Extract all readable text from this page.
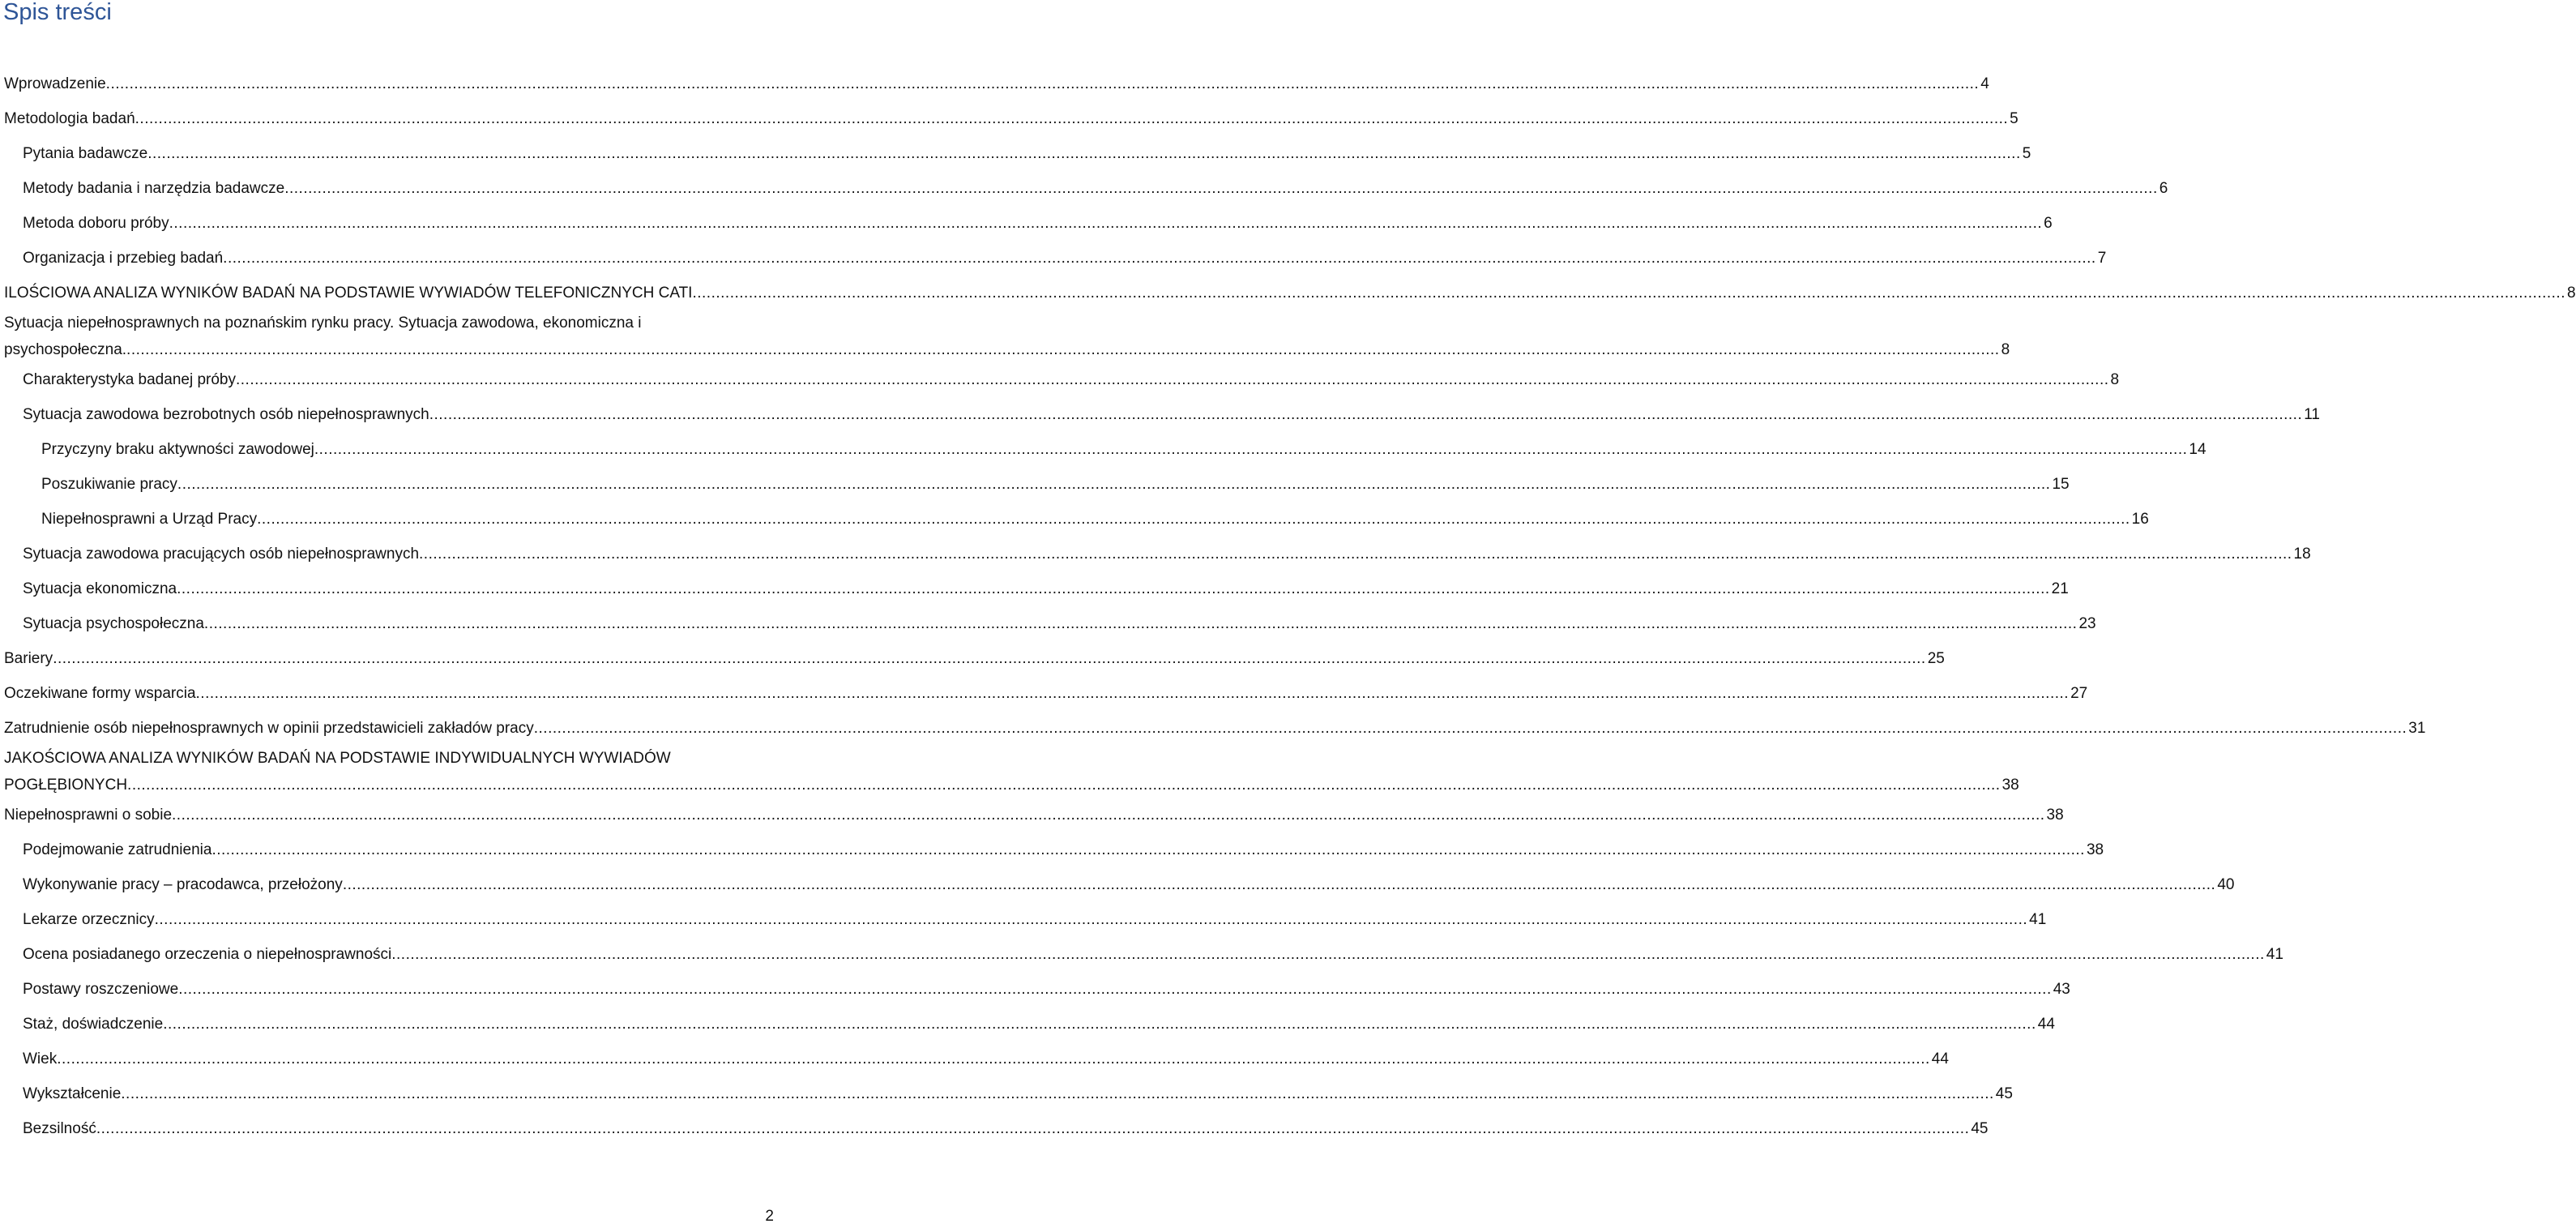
Spis treści
Wprowadzenie ................................................................................................................................................................................................................................................................................................................................................................................................................ 4
Metodologia badań ................................................................................................................................................................................................................................................................................................................................................................................................................ 5
Pytania badawcze ................................................................................................................................................................................................................................................................................................................................................................................................................ 5
Metody badania i narzędzia badawcze ................................................................................................................................................................................................................................................................................................................................................................................................................ 6
Metoda doboru próby ................................................................................................................................................................................................................................................................................................................................................................................................................ 6
Organizacja i przebieg badań ................................................................................................................................................................................................................................................................................................................................................................................................................ 7
ILOŚCIOWA ANALIZA WYNIKÓW BADAŃ NA PODSTAWIE WYWIADÓW TELEFONICZNYCH CATI ................................................................................................................................................................................................................................................................................................................................................................................................................ 8
Sytuacja niepełnosprawnych na poznańskim rynku pracy. Sytuacja zawodowa, ekonomiczna i
psychospołeczna. ................................................................................................................................................................................................................................................................................................................................................................................................................ 8
Charakterystyka badanej próby ................................................................................................................................................................................................................................................................................................................................................................................................................ 8
Sytuacja zawodowa bezrobotnych osób niepełnosprawnych ................................................................................................................................................................................................................................................................................................................................................................................................................ 11
Przyczyny braku aktywności zawodowej ................................................................................................................................................................................................................................................................................................................................................................................................................ 14
Poszukiwanie pracy ................................................................................................................................................................................................................................................................................................................................................................................................................ 15
Niepełnosprawni a Urząd Pracy ................................................................................................................................................................................................................................................................................................................................................................................................................ 16
Sytuacja zawodowa pracujących osób niepełnosprawnych ................................................................................................................................................................................................................................................................................................................................................................................................................ 18
Sytuacja ekonomiczna ................................................................................................................................................................................................................................................................................................................................................................................................................ 21
Sytuacja psychospołeczna ................................................................................................................................................................................................................................................................................................................................................................................................................ 23
Bariery ................................................................................................................................................................................................................................................................................................................................................................................................................ 25
Oczekiwane formy wsparcia ................................................................................................................................................................................................................................................................................................................................................................................................................ 27
Zatrudnienie osób niepełnosprawnych w opinii przedstawicieli zakładów pracy ................................................................................................................................................................................................................................................................................................................................................................................................................ 31
JAKOŚCIOWA ANALIZA WYNIKÓW BADAŃ NA PODSTAWIE INDYWIDUALNYCH WYWIADÓW
POGŁĘBIONYCH ................................................................................................................................................................................................................................................................................................................................................................................................................ 38
Niepełnosprawni o sobie ................................................................................................................................................................................................................................................................................................................................................................................................................ 38
Podejmowanie zatrudnienia ................................................................................................................................................................................................................................................................................................................................................................................................................ 38
Wykonywanie pracy – pracodawca, przełożony ................................................................................................................................................................................................................................................................................................................................................................................................................ 40
Lekarze orzecznicy ................................................................................................................................................................................................................................................................................................................................................................................................................ 41
Ocena posiadanego orzeczenia o niepełnosprawności ................................................................................................................................................................................................................................................................................................................................................................................................................ 41
Postawy roszczeniowe ................................................................................................................................................................................................................................................................................................................................................................................................................ 43
Staż, doświadczenie ................................................................................................................................................................................................................................................................................................................................................................................................................ 44
Wiek ................................................................................................................................................................................................................................................................................................................................................................................................................ 44
Wykształcenie ................................................................................................................................................................................................................................................................................................................................................................................................................ 45
Bezsilność ................................................................................................................................................................................................................................................................................................................................................................................................................ 45
2
